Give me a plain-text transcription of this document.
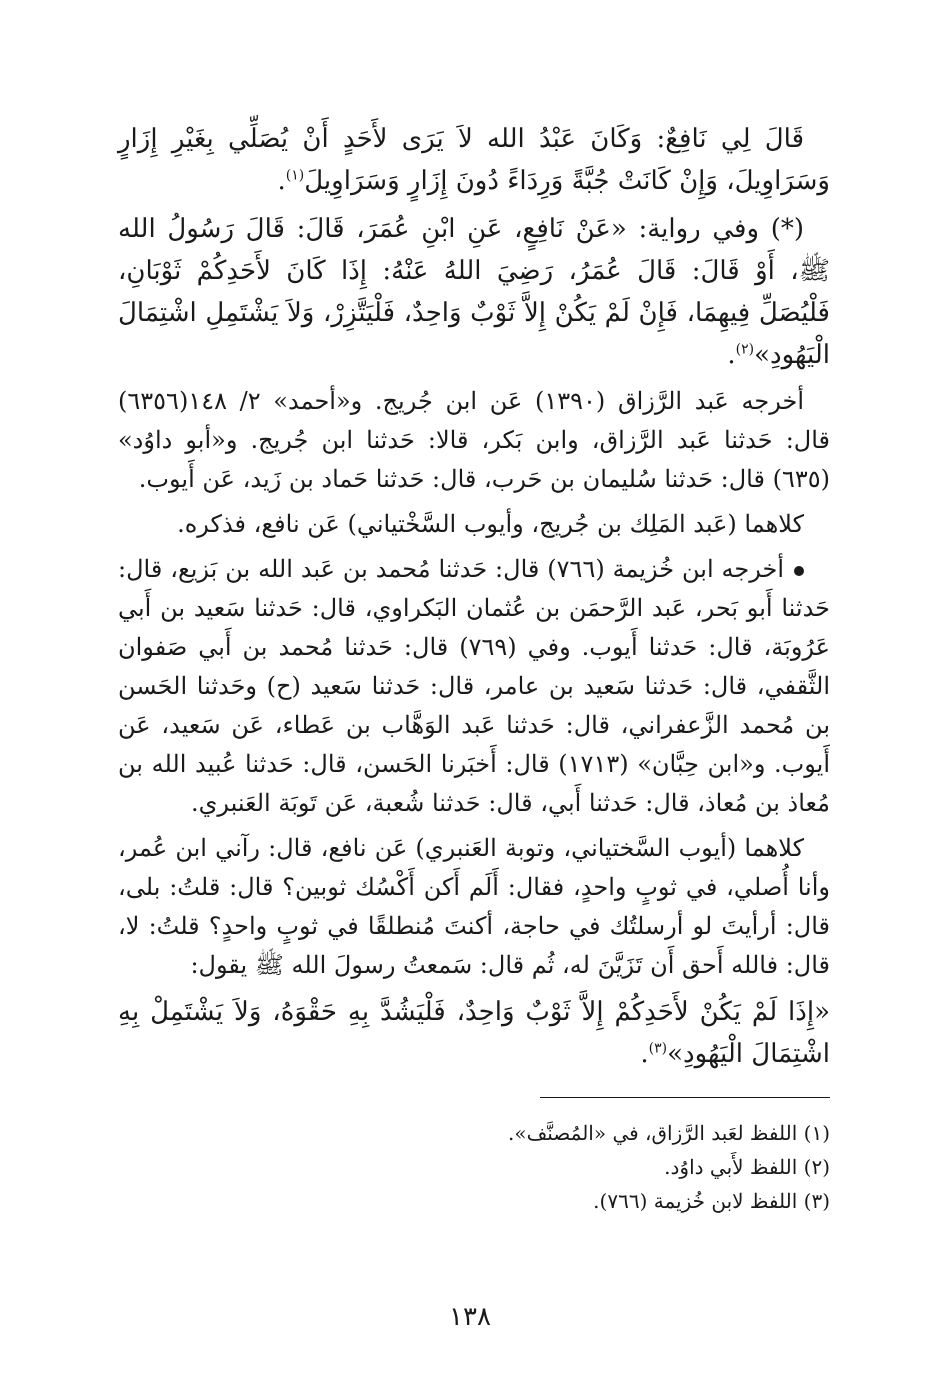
قَالَ لِي نَافِعٌ: وَكَانَ عَبْدُ الله لاَ يَرَى لأَحَدٍ أَنْ يُصَلِّي بِغَيْرِ إِزَارٍ وَسَرَاوِيلَ، وَإِنْ كَانَتْ جُبَّةً وَرِدَاءً دُونَ إِزَارٍ وَسَرَاوِيلَ$^{(١)}$.

(*) وفي رواية: «عَنْ نَافِعٍ، عَنِ ابْنِ عُمَرَ، قَالَ: قَالَ رَسُولُ الله ﷺ، أَوْ قَالَ: قَالَ عُمَرُ، رَضِيَ اللهُ عَنْهُ: إِذَا كَانَ لأَحَدِكُمْ ثَوْبَانِ، فَلْيُصَلِّ فِيهِمَا، فَإِنْ لَمْ يَكُنْ إِلاَّ ثَوْبٌ وَاحِدٌ، فَلْيَتَّزِرْ، وَلاَ يَشْتَمِلِ اشْتِمَالَ الْيَهُودِ»$^{(٢)}$.

أخرجه عَبد الرَّزاق (١٣٩٠) عَن ابن جُريج. و«أحمد» ٢/ ١٤٨(٦٣٥٦) قال: حَدثنا عَبد الرَّزاق، وابن بَكر، قالا: حَدثنا ابن جُريج. و«أبو داوُد» (٦٣٥) قال: حَدثنا سُليمان بن حَرب، قال: حَدثنا حَماد بن زَيد، عَن أَيوب.

كلاهما (عَبد المَلِك بن جُريج، وأيوب السَّخْتياني) عَن نافع، فذكره.

أخرجه ابن خُزيمة (٧٦٦) قال: حَدثنا مُحمد بن عَبد الله بن بَزيع، قال: حَدثنا أَبو بَحر، عَبد الرَّحمَن بن عُثمان البَكراوي، قال: حَدثنا سَعيد بن أَبي عَرُوبَة، قال: حَدثنا أَيوب. وفي (٧٦٩) قال: حَدثنا مُحمد بن أَبي صَفوان الثَّقفي، قال: حَدثنا سَعيد بن عامر، قال: حَدثنا سَعيد (ح) وحَدثنا الحَسن بن مُحمد الزَّعفراني، قال: حَدثنا عَبد الوَهَّاب بن عَطاء، عَن سَعيد، عَن أَيوب. و«ابن حِبَّان» (١٧١٣) قال: أَخبَرنا الحَسن، قال: حَدثنا عُبيد الله بن مُعاذ بن مُعاذ، قال: حَدثنا أَبي، قال: حَدثنا شُعبة، عَن تَوبَة العَنبري.

كلاهما (أيوب السَّختياني، وتوبة العَنبري) عَن نافع، قال: رآني ابن عُمر، وأنا أُصلي، في ثوبٍ واحدٍ، فقال: أَلَم أَكن أَكْسُك ثوبين؟ قال: قلتُ: بلى، قال: أرأيتَ لو أرسلتُك في حاجة، أكنتَ مُنطلقًا في ثوبٍ واحدٍ؟ قلتُ: لا، قال: فالله أَحق أَن تَزَيَّنَ له، ثُم قال: سَمعتُ رسولَ الله ﷺ يقول:

«إِذَا لَمْ يَكُنْ لأَحَدِكُمْ إِلاَّ ثَوْبٌ وَاحِدٌ، فَلْيَشُدَّ بِهِ حَقْوَهُ، وَلاَ يَشْتَمِلْ بِهِ اشْتِمَالَ الْيَهُودِ»$^{(٣)}$.

(١) اللفظ لعَبد الرَّزاق، في «المُصنَّف».
(٢) اللفظ لأَبي داوُد.
(٣) اللفظ لابن خُزيمة (٧٦٦).
١٣٨
